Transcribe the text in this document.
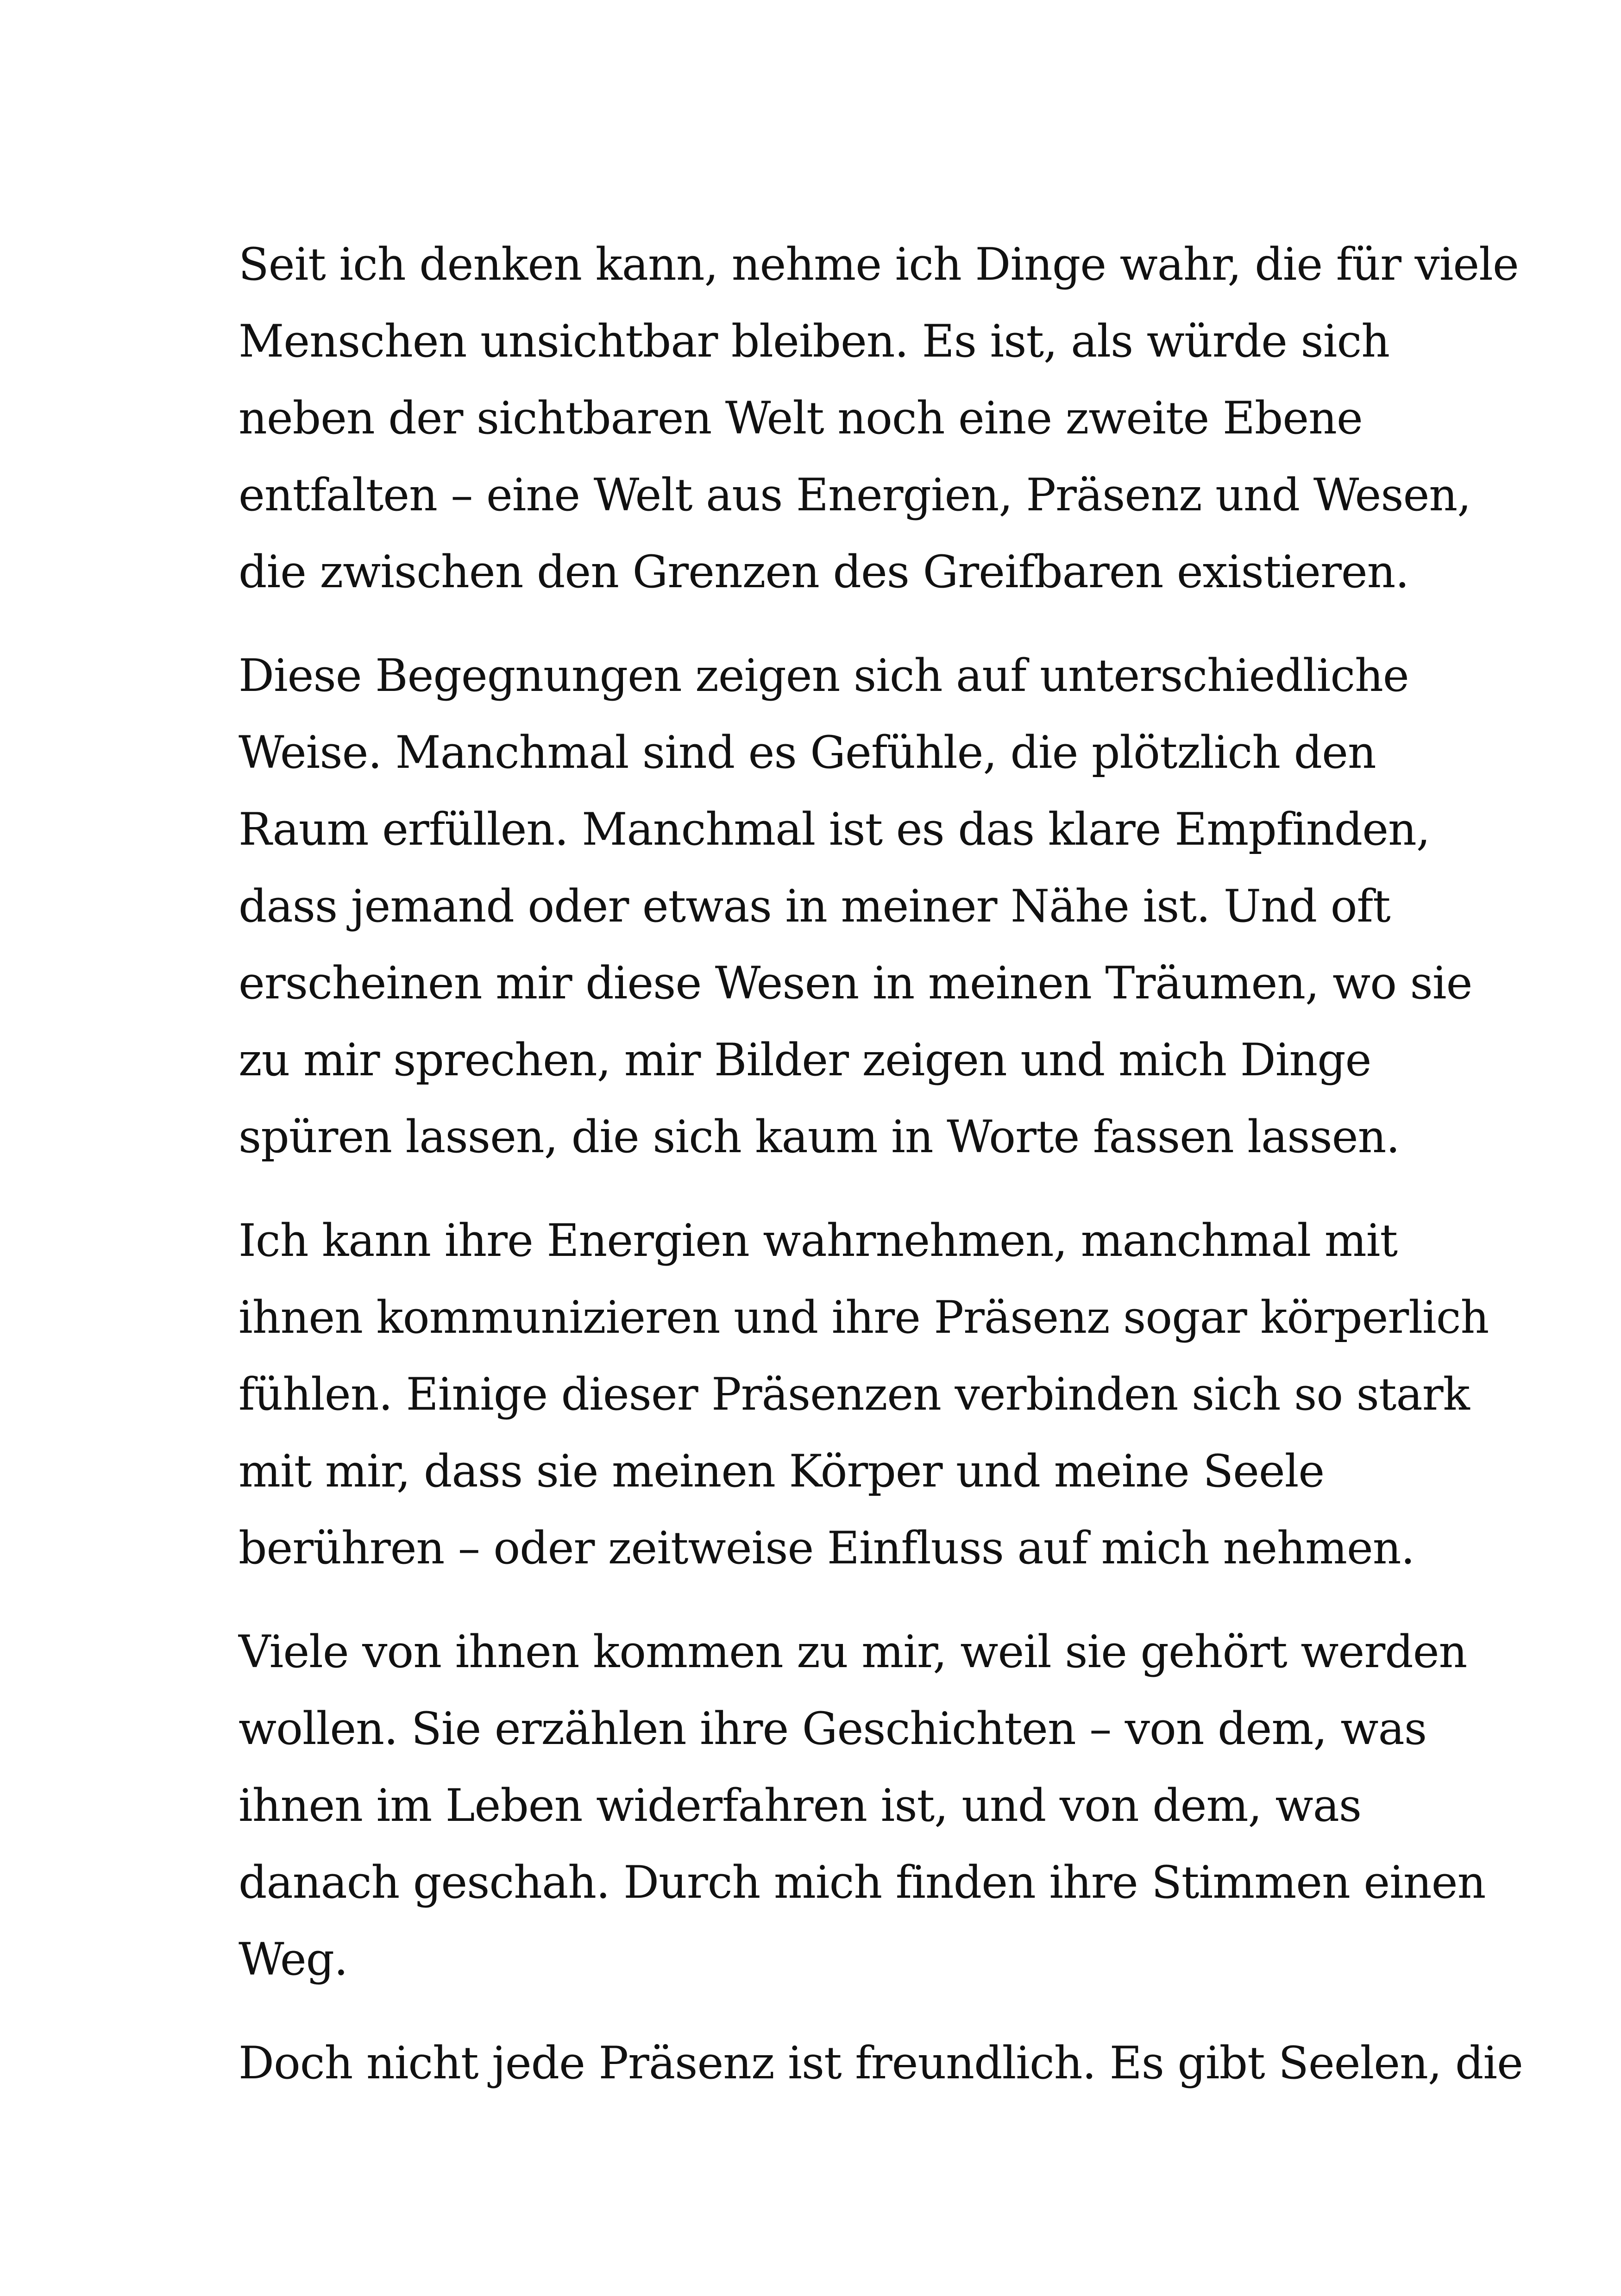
Seit ich denken kann, nehme ich Dinge wahr, die für viele
Menschen unsichtbar bleiben. Es ist, als würde sich
neben der sichtbaren Welt noch eine zweite Ebene
entfalten – eine Welt aus Energien, Präsenz und Wesen,
die zwischen den Grenzen des Greifbaren existieren.

Diese Begegnungen zeigen sich auf unterschiedliche
Weise. Manchmal sind es Gefühle, die plötzlich den
Raum erfüllen. Manchmal ist es das klare Empfinden,
dass jemand oder etwas in meiner Nähe ist. Und oft
erscheinen mir diese Wesen in meinen Träumen, wo sie
zu mir sprechen, mir Bilder zeigen und mich Dinge
spüren lassen, die sich kaum in Worte fassen lassen.

Ich kann ihre Energien wahrnehmen, manchmal mit
ihnen kommunizieren und ihre Präsenz sogar körperlich
fühlen. Einige dieser Präsenzen verbinden sich so stark
mit mir, dass sie meinen Körper und meine Seele
berühren – oder zeitweise Einfluss auf mich nehmen.

Viele von ihnen kommen zu mir, weil sie gehört werden
wollen. Sie erzählen ihre Geschichten – von dem, was
ihnen im Leben widerfahren ist, und von dem, was
danach geschah. Durch mich finden ihre Stimmen einen
Weg.

Doch nicht jede Präsenz ist freundlich. Es gibt Seelen, die
